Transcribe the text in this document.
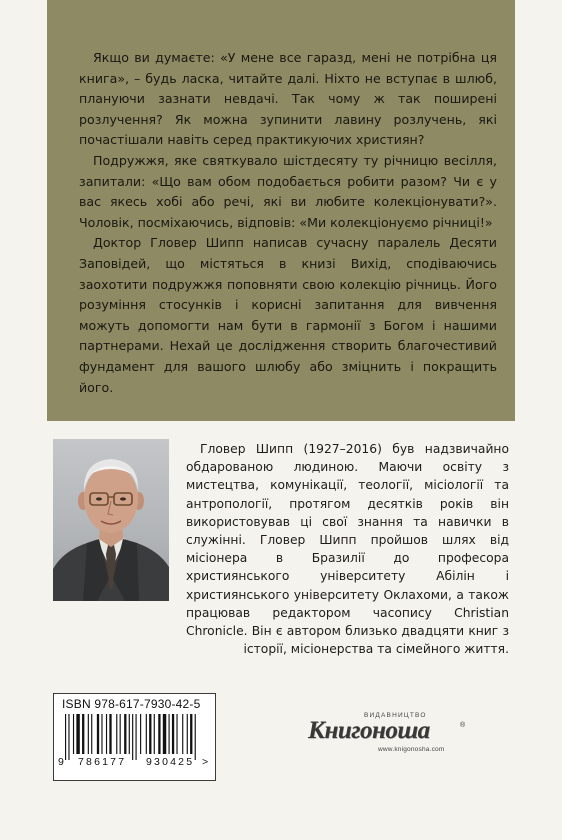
Якщо ви думаєте: «У мене все гаразд, мені не потрібна ця книга», – будь ласка, читайте далі. Ніхто не вступає в шлюб, плануючи зазнати невдачі. Так чому ж так поширені розлучення? Як можна зупинити лавину розлучень, які почастішали навіть серед практикуючих християн?

Подружжя, яке святкувало шістдесяту ту річницю весілля, запитали: «Що вам обом подобається робити разом? Чи є у вас якесь хобі або речі, які ви любите колекціонувати?». Чоловік, посміхаючись, відповів: «Ми колекціонуємо річниці!»

Доктор Гловер Шипп написав сучасну паралель Десяти Заповідей, що містяться в книзі Вихід, сподіваючись заохотити подружжя поповняти свою колекцію річниць. Його розуміння стосунків і корисні запитання для вивчення можуть допомогти нам бути в гармонії з Богом і нашими партнерами. Нехай це дослідження створить благочестивий фундамент для вашого шлюбу або зміцнить і покращить його.

Гловер Шипп (1927–2016) був надзвичайно обдарованою людиною. Маючи освіту з мистецтва, комунікації, теології, місіології та антропології, протягом десятків років він використовував ці свої знання та навички в служінні. Гловер Шипп пройшов шлях від місіонера в Бразилії до професора християнського університету Абілін і християнського університету Оклахоми, а також працював редактором часопису Christian Chronicle. Він є автором близько двадцяти книг з історії, місіонерства та сімейного життя.

ISBN 978-617-7930-42-5
9 786177 930425 >
ВИДАВНИЦТВО
Книгоноша	®
www.knigonosha.com
